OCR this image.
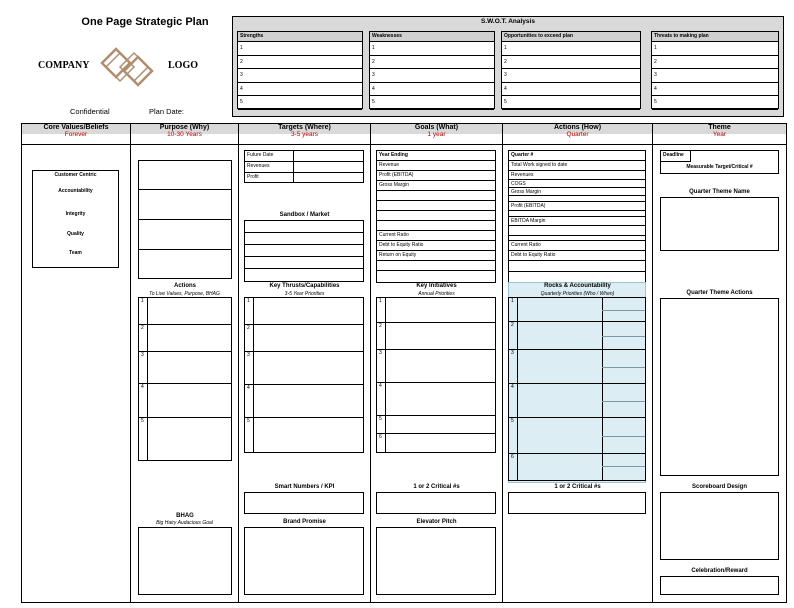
One Page Strategic Plan
COMPANY	LOGO
Confidential	Plan Date:
S.W.O.T. Analysis
Strengths
1
2
3
4
5
Weaknesses
1
2
3
4
5
Opportunities to exceed plan
1
2
3
4
5
Threats to making plan
1
2
3
4
5
Core Values/Beliefs
Forever
Purpose (Why)
10-30 Years
Targets (Where)
3-5 years
Goals (What)
1 year
Actions (How)
Quarter
Theme
Year
Customer Centric
Accountability
Integrity
Quality
Team
Actions
To Live Values, Purpose, BHAG
1
2
3
4
5
BHAG
Big Hairy Audacious Goal
Future Date
Revenues
Profit
Sandbox / Market
Key Thrusts/Capabilities
3-5 Year Priorities
1
2
3
4
5
Smart Numbers / KPI
Brand Promise
Year Ending
Revenue
Profit (EBITDA)
Gross Margin
Current Ratio
Debt to Equity Ratio
Return on Equity
Key Initiatives
Annual Priorities
1
2
3
4
5
6
1 or 2 Critical #s
Elevator Pitch
Quarter #
Total Work signed to date
Revenues
COGS
Gross Margin
Profit (EBITDA)
EBITDA Margin
Current Ratio
Debt to Equity Ratio
Rocks & Accountability
Quarterly Priorities (Who / When)
1
2
3
4
5
6
1 or 2 Critical #s
Deadline
Measurable Target/Critical #
Quarter Theme Name
Quarter Theme Actions
Scoreboard Design
Celebration/Reward
